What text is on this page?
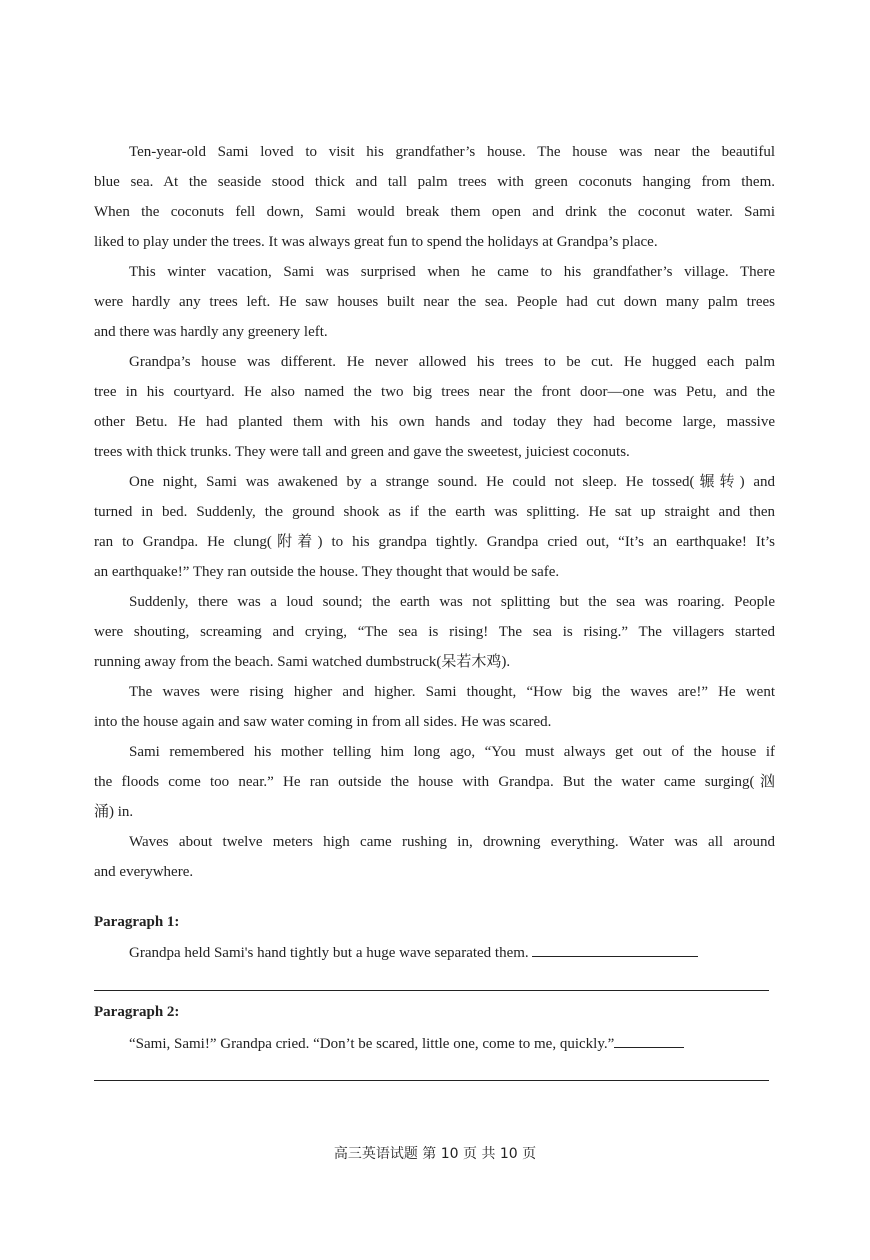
Ten-year-old Sami loved to visit his grandfather’s house. The house was near the beautiful
blue sea. At the seaside stood thick and tall palm trees with green coconuts hanging from them.
When the coconuts fell down, Sami would break them open and drink the coconut water. Sami
liked to play under the trees. It was always great fun to spend the holidays at Grandpa’s place.
This winter vacation, Sami was surprised when he came to his grandfather’s village. There
were hardly any trees left. He saw houses built near the sea. People had cut down many palm trees
and there was hardly any greenery left.
Grandpa’s house was different. He never allowed his trees to be cut. He hugged each palm
tree in his courtyard. He also named the two big trees near the front door—one was Petu, and the
other Betu. He had planted them with his own hands and today they had become large, massive
trees with thick trunks. They were tall and green and gave the sweetest, juiciest coconuts.
One night, Sami was awakened by a strange sound. He could not sleep. He tossed(辗转) and
turned in bed. Suddenly, the ground shook as if the earth was splitting. He sat up straight and then
ran to Grandpa. He clung(附着) to his grandpa tightly. Grandpa cried out, “It’s an earthquake! It’s
an earthquake!” They ran outside the house. They thought that would be safe.
Suddenly, there was a loud sound; the earth was not splitting but the sea was roaring. People
were shouting, screaming and crying, “The sea is rising! The sea is rising.” The villagers started
running away from the beach. Sami watched dumbstruck(呆若木鸡).
The waves were rising higher and higher. Sami thought, “How big the waves are!” He went
into the house again and saw water coming in from all sides. He was scared.
Sami remembered his mother telling him long ago, “You must always get out of the house if
the floods come too near.” He ran outside the house with Grandpa. But the water came surging(汹
涌) in.
Waves about twelve meters high came rushing in, drowning everything. Water was all around
and everywhere.
Paragraph 1:
Grandpa held Sami's hand tightly but a huge wave separated them.
Paragraph 2:
“Sami, Sami!” Grandpa cried. “Don’t be scared, little one, come to me, quickly.”
高三英语试题 第 10 页 共 10 页
